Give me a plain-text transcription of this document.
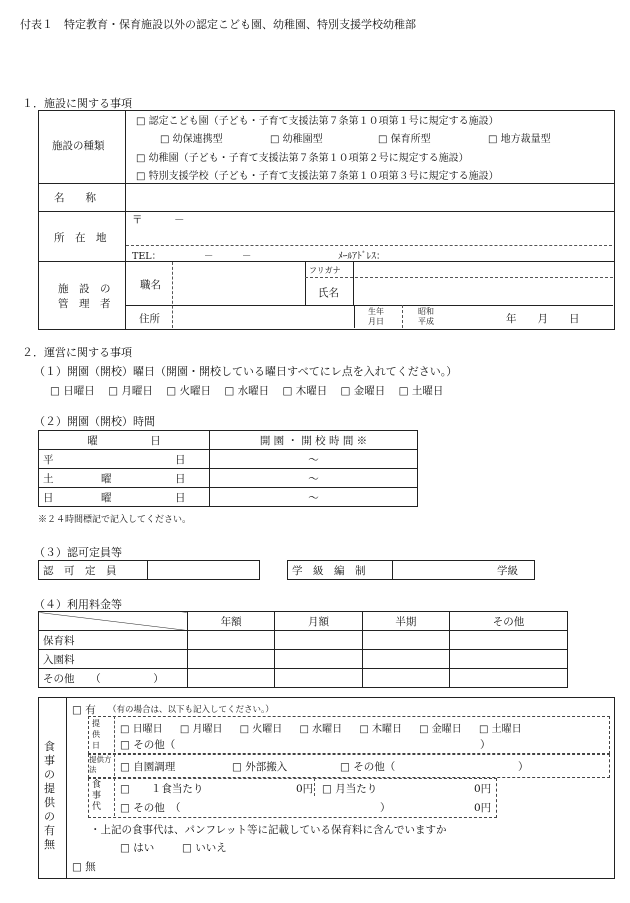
付表１　特定教育・保育施設以外の認定こども園、幼稚園、特別支援学校幼稚部
１．施設に関する事項
施設の種類
□ 認定こども園（子ども・子育て支援法第７条第１０項第１号に規定する施設）
□ 幼保連携型	□ 幼稚園型	□ 保育所型	□ 地方裁量型
□ 幼稚園（子ども・子育て支援法第７条第１０項第２号に規定する施設）
□ 特別支援学校（子ども・子育て支援法第７条第１０項第３号に規定する施設）
名　　称
所　在　地
〒　　　－
TEL：　　　　　－　　　－	ﾒｰﾙｱﾄﾞﾚｽ：
施　設　の
管　理　者
職名
フリガナ
氏名
住所
生年
月日
昭和
平成	年　　月　　日
２．運営に関する事項
（１）開園（開校）曜日（開園・開校している曜日すべてにレ点を入れてください。）
□ 日曜日 □ 月曜日 □ 火曜日 □ 水曜日 □ 木曜日 □ 金曜日 □ 土曜日
（２）開園（開校）時間
曜　　　　　日	開 園 ・ 開 校 時 間 ※
平 日	～
土 曜 日	～
日 曜 日	～
※２４時間標記で記入してください。
（３）認可定員等
認　可　定　員		学　級　編　制	学級
（４）利用料金等
	年額	月額	半期	その他
保育料				
入園料				
その他　　（　　　　　）				
食事の提供の有無
□ 有 （有の場合は、以下も記入してください。）
提供日
□ 日曜日 □ 月曜日 □ 火曜日 □ 水曜日 □ 木曜日 □ 金曜日 □ 土曜日
□ その他（	）
提供方法	□ 自園調理	□ 外部搬入	□ その他（	）
食事代
□　　１食当たり	0円 □ 月当たり	0円
□ その他　（	）	0円
・上記の食事代は、パンフレット等に記載している保育料に含んでいますか
□ はい	□ いいえ
□ 無
